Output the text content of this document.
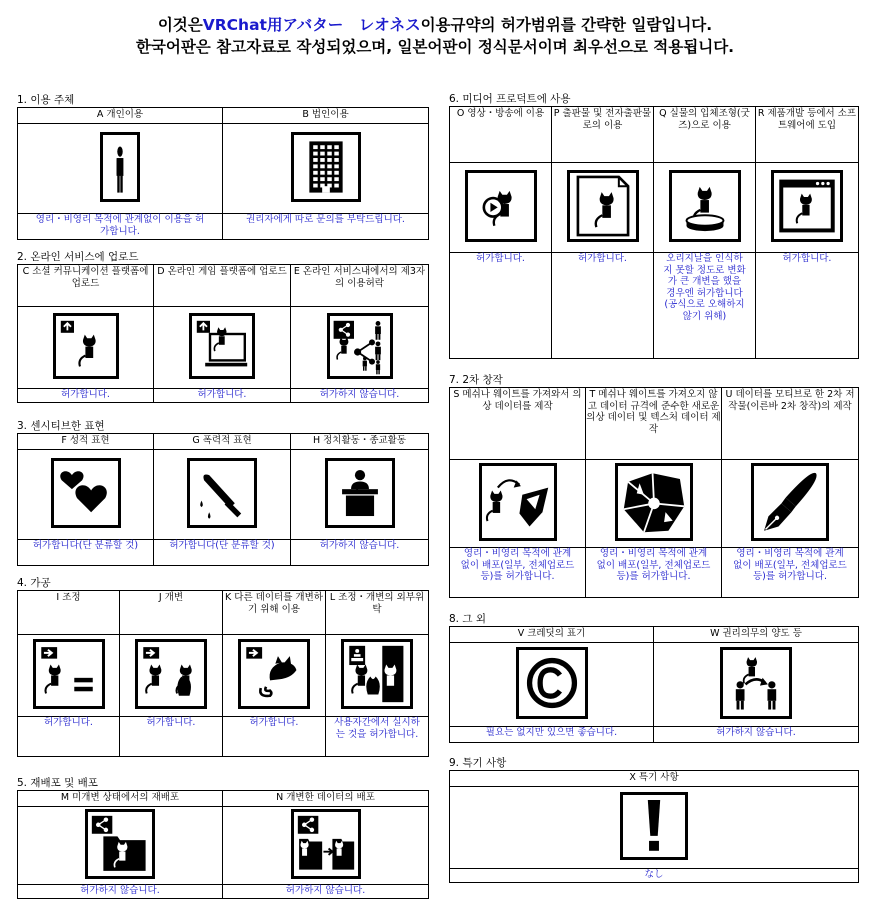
이것은VRChat用アバター　レオネス이용규약의 허가범위를 간략한 일람입니다.
한국어판은 참고자료로 작성되었으며, 일본어판이 정식문서이며 최우선으로 적용됩니다.
1. 이용 주체
A 개인이용	B 법인이용

영리・비영리 목적에 관계없이 이용을 허가합니다.	권리자에게 따로 문의를 부탁드립니다.
2. 온라인 서비스에 업로드
C 소셜 커뮤니케이션 플랫폼에 업로드	D 온라인 게임 플랫폼에 업로드	E 온라인 서비스내에서의 제3자의 이용허락

허가합니다.	허가합니다.	허가하지 않습니다.
3. 센시티브한 표현
F 성적 표현	G 폭력적 표현	H 정치활동・종교활동

허가합니다(단 분류할 것)	허가합니다(단 분류할 것)	허가하지 않습니다.
4. 가공
I 조정	J 개변	K 다른 데이터를 개변하기 위해 이용	L 조정・개변의 외부위탁

허가합니다.	허가합니다.	허가합니다.	사용자간에서 실시하는 것을 허가합니다.
5. 재배포 및 배포
M 미개변 상태에서의 재배포	N 개변한 데이터의 배포

허가하지 않습니다.	허가하지 않습니다.
6. 미디어 프로덕트에 사용
O 영상・방송에 이용	P 출판물 및 전자출판물로의 이용	Q 실물의 입체조형(굿즈)으로 이용	R 제품개발 등에서 소프트웨어에 도입

허가합니다.	허가합니다.	오리지날을 인식하지 못할 정도로 변화가 큰 개변을 했을 경우엔 허가합니다(공식으로 오해하지 않기 위해)	허가합니다.
7. 2차 창작
S 메쉬나 웨이트를 가져와서 의상 데이터를 제작	T 메쉬나 웨이트를 가져오지 않고 데이터 규격에 준수한 새로운 의상 데이터 및 텍스처 데이터 제작	U 데이터를 모티브로 한 2차 저작물(이른바 2차 창작)의 제작

영리・비영리 목적에 관계없이 배포(일부, 전체업로드 등)를 허가합니다.	영리・비영리 목적에 관계없이 배포(일부, 전체업로드 등)를 허가합니다.	영리・비영리 목적에 관계없이 배포(일부, 전체업로드 등)를 허가합니다.
8. 그 외
V 크레딧의 표기	W 권리의무의 양도 등

필요는 없지만 있으면 좋습니다.	허가하지 않습니다.
9. 특기 사항
X 특기 사항

なし
